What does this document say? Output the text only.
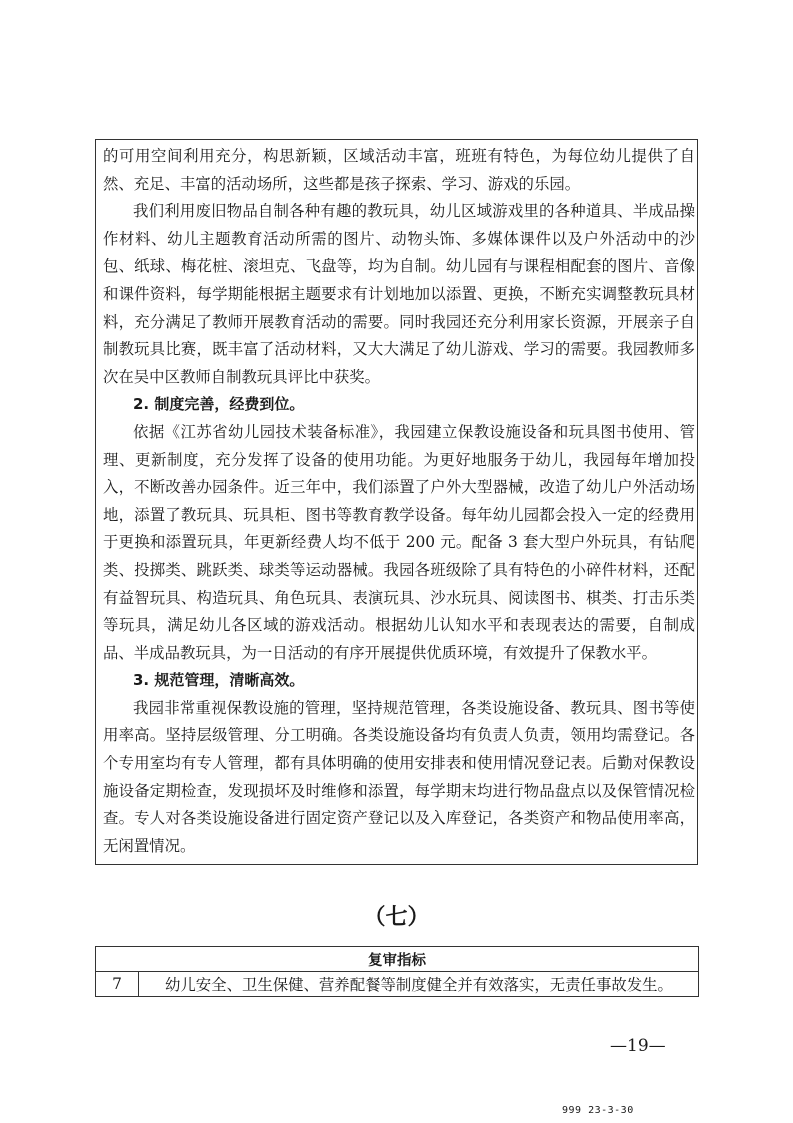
的可用空间利用充分，构思新颖，区域活动丰富，班班有特色，为每位幼儿提供了自然、充足、丰富的活动场所，这些都是孩子探索、学习、游戏的乐园。

我们利用废旧物品自制各种有趣的教玩具，幼儿区域游戏里的各种道具、半成品操作材料、幼儿主题教育活动所需的图片、动物头饰、多媒体课件以及户外活动中的沙包、纸球、梅花桩、滚坦克、飞盘等，均为自制。幼儿园有与课程相配套的图片、音像和课件资料，每学期能根据主题要求有计划地加以添置、更换，不断充实调整教玩具材料，充分满足了教师开展教育活动的需要。同时我园还充分利用家长资源，开展亲子自制教玩具比赛，既丰富了活动材料，又大大满足了幼儿游戏、学习的需要。我园教师多次在吴中区教师自制教玩具评比中获奖。

2. 制度完善，经费到位。

依据《江苏省幼儿园技术装备标准》，我园建立保教设施设备和玩具图书使用、管理、更新制度，充分发挥了设备的使用功能。为更好地服务于幼儿，我园每年增加投入，不断改善办园条件。近三年中，我们添置了户外大型器械，改造了幼儿户外活动场地，添置了教玩具、玩具柜、图书等教育教学设备。每年幼儿园都会投入一定的经费用于更换和添置玩具，年更新经费人均不低于 200 元。配备 3 套大型户外玩具，有钻爬类、投掷类、跳跃类、球类等运动器械。我园各班级除了具有特色的小碎件材料，还配有益智玩具、构造玩具、角色玩具、表演玩具、沙水玩具、阅读图书、棋类、打击乐类等玩具，满足幼儿各区域的游戏活动。根据幼儿认知水平和表现表达的需要，自制成品、半成品教玩具，为一日活动的有序开展提供优质环境，有效提升了保教水平。

3. 规范管理，清晰高效。

我园非常重视保教设施的管理，坚持规范管理，各类设施设备、教玩具、图书等使用率高。坚持层级管理、分工明确。各类设施设备均有负责人负责，领用均需登记。各个专用室均有专人管理，都有具体明确的使用安排表和使用情况登记表。后勤对保教设施设备定期检查，发现损坏及时维修和添置，每学期末均进行物品盘点以及保管情况检查。专人对各类设施设备进行固定资产登记以及入库登记，各类资产和物品使用率高，无闲置情况。

（七）
复审指标
7	幼儿安全、卫生保健、营养配餐等制度健全并有效落实，无责任事故发生。
—19—
999 23-3-30
